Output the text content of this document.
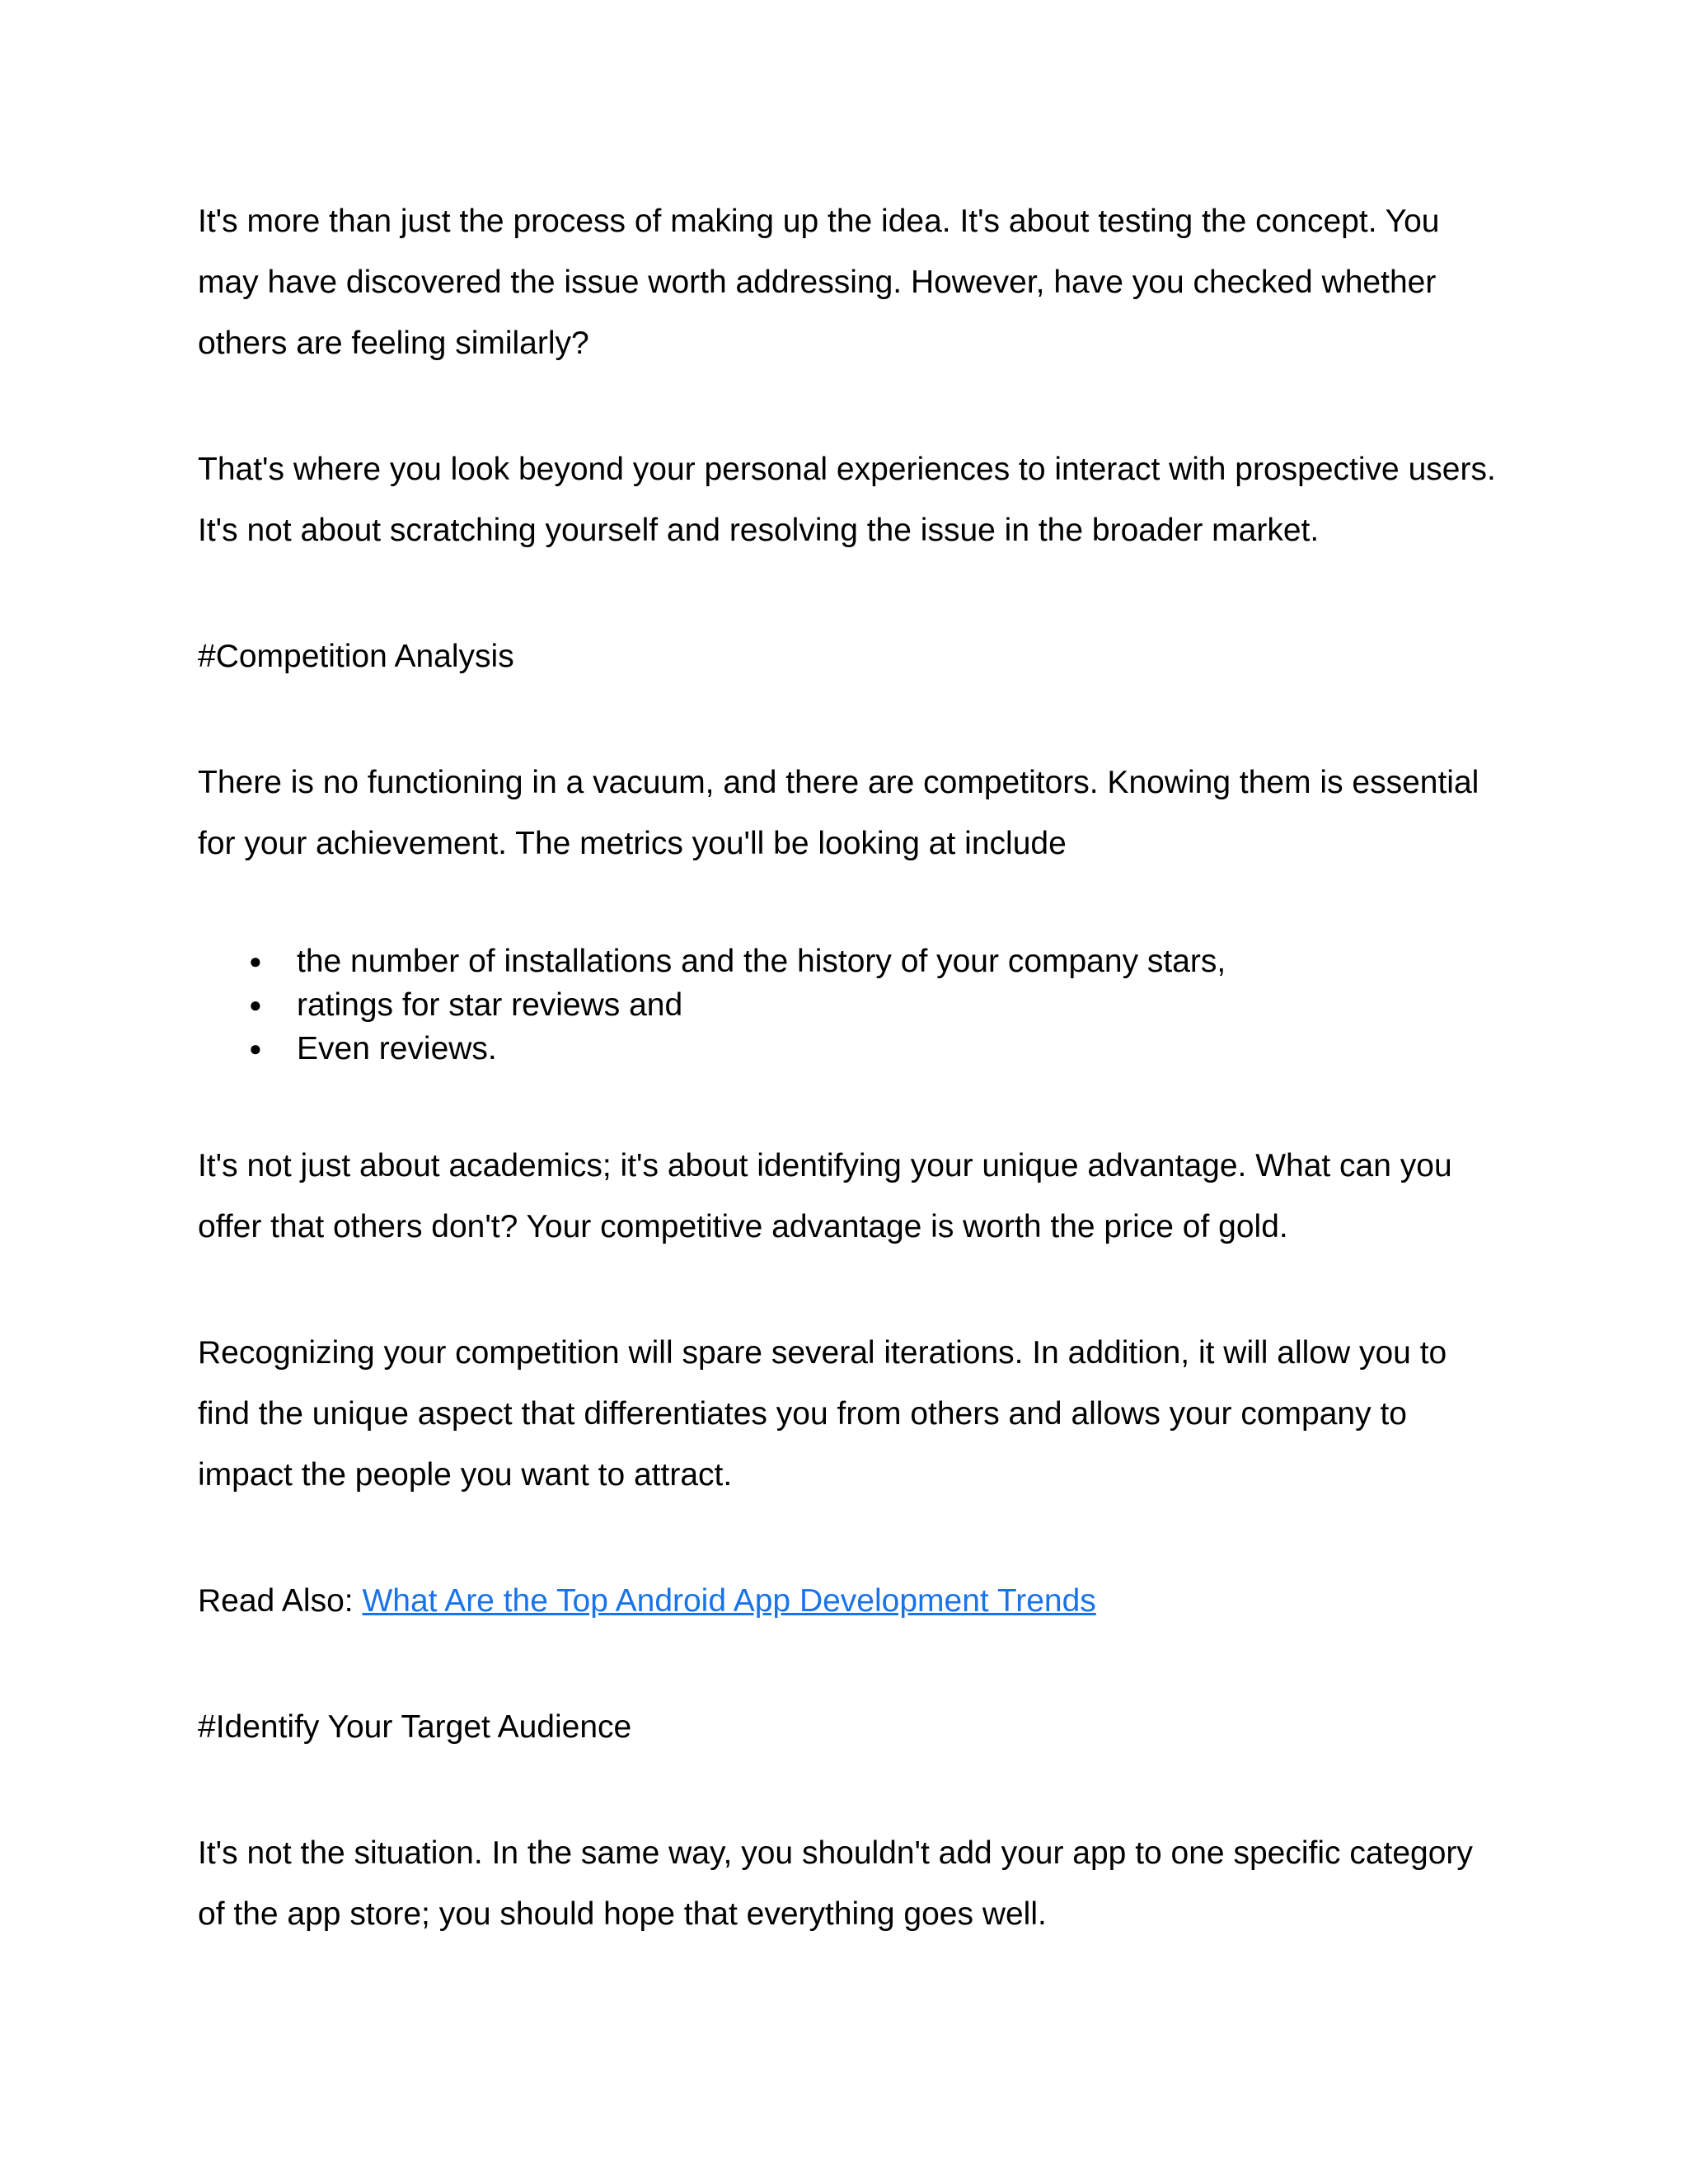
It's more than just the process of making up the idea. It's about testing the concept. You may have discovered the issue worth addressing. However, have you checked whether others are feeling similarly?

That's where you look beyond your personal experiences to interact with prospective users. It's not about scratching yourself and resolving the issue in the broader market.

#Competition Analysis

There is no functioning in a vacuum, and there are competitors. Knowing them is essential for your achievement. The metrics you'll be looking at include

● the number of installations and the history of your company stars,
● ratings for star reviews and
● Even reviews.

It's not just about academics; it's about identifying your unique advantage. What can you offer that others don't? Your competitive advantage is worth the price of gold.

Recognizing your competition will spare several iterations. In addition, it will allow you to find the unique aspect that differentiates you from others and allows your company to impact the people you want to attract.

Read Also: What Are the Top Android App Development Trends

#Identify Your Target Audience

It's not the situation. In the same way, you shouldn't add your app to one specific category of the app store; you should hope that everything goes well.
